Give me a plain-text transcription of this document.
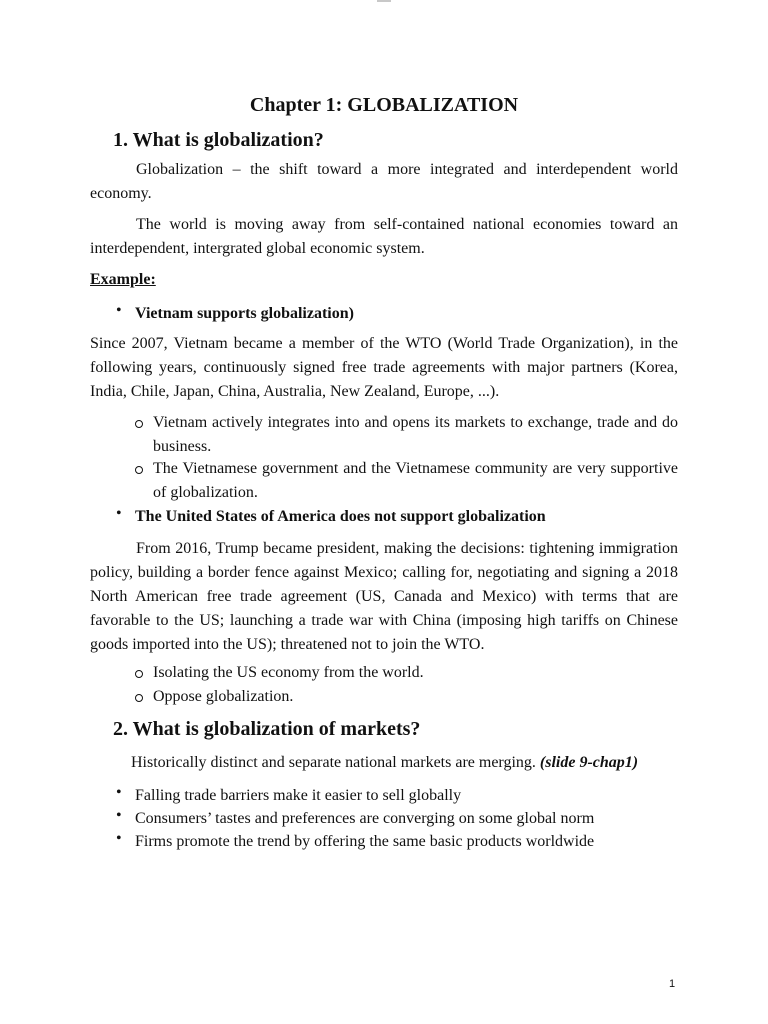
Chapter 1: GLOBALIZATION
1. What is globalization?

Globalization – the shift toward a more integrated and interdependent world economy.

The world is moving away from self-contained national economies toward an interdependent, intergrated global economic system.

Example:

• Vietnam supports globalization)

Since 2007, Vietnam became a member of the WTO (World Trade Organization), in the following years, continuously signed free trade agreements with major partners (Korea, India, Chile, Japan, China, Australia, New Zealand, Europe, ...).

Vietnam actively integrates into and opens its markets to exchange, trade and do business.
The Vietnamese government and the Vietnamese community are very supportive of globalization.
• The United States of America does not support globalization

From 2016, Trump became president, making the decisions: tightening immigration policy, building a border fence against Mexico; calling for, negotiating and signing a 2018 North American free trade agreement (US, Canada and Mexico) with terms that are favorable to the US; launching a trade war with China (imposing high tariffs on Chinese goods imported into the US); threatened not to join the WTO.

Isolating the US economy from the world.
Oppose globalization.
2. What is globalization of markets?

Historically distinct and separate national markets are merging. (slide 9-chap1)

• Falling trade barriers make it easier to sell globally
• Consumers’ tastes and preferences are converging on some global norm
• Firms promote the trend by offering the same basic products worldwide
1
